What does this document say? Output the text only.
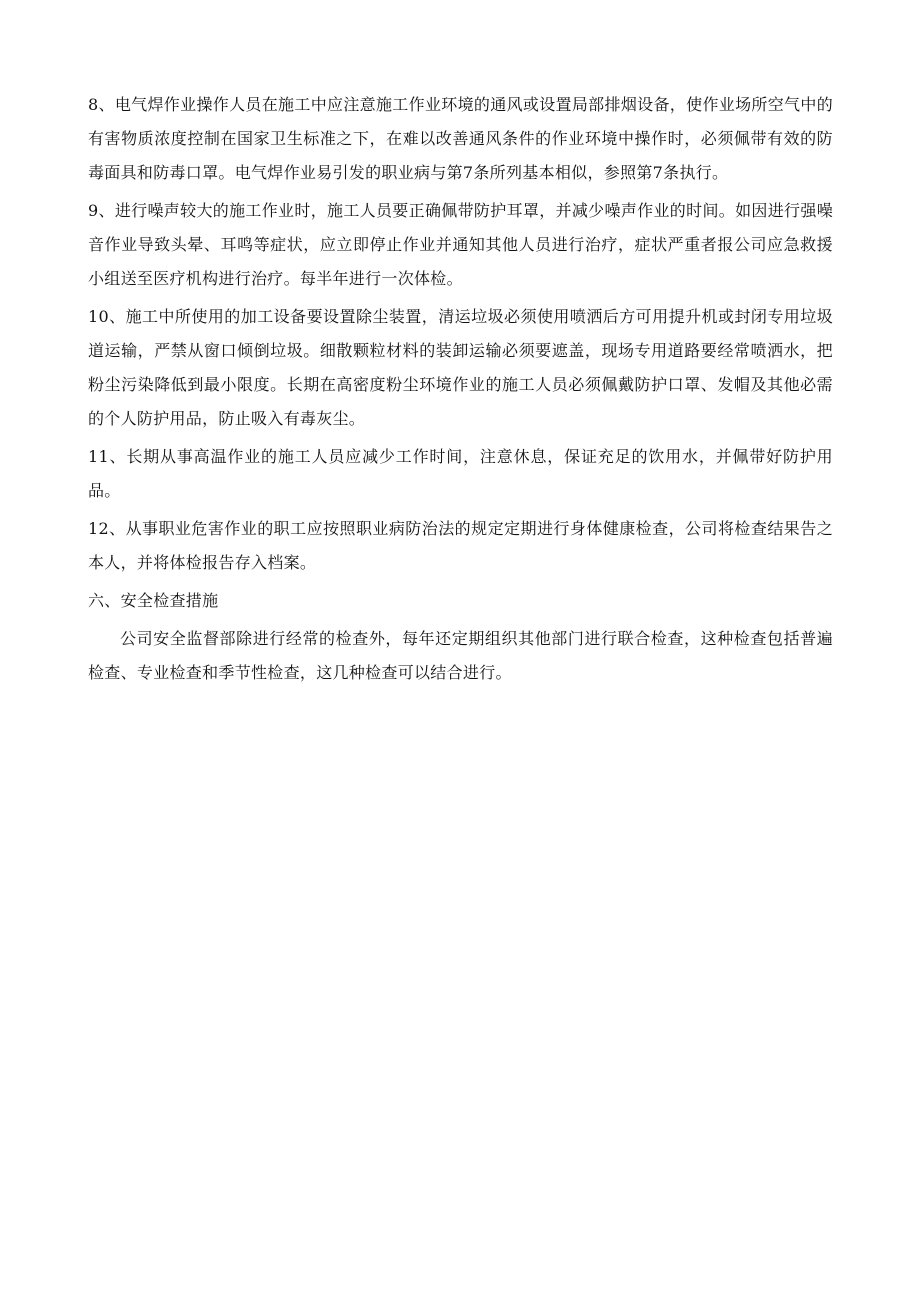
8、电气焊作业操作人员在施工中应注意施工作业环境的通风或设置局部排烟设备，使作业场所空气中的有害物质浓度控制在国家卫生标准之下，在难以改善通风条件的作业环境中操作时，必须佩带有效的防毒面具和防毒口罩。电气焊作业易引发的职业病与第7条所列基本相似，参照第7条执行。

9、进行噪声较大的施工作业时，施工人员要正确佩带防护耳罩，并减少噪声作业的时间。如因进行强噪音作业导致头晕、耳鸣等症状，应立即停止作业并通知其他人员进行治疗，症状严重者报公司应急救援小组送至医疗机构进行治疗。每半年进行一次体检。

10、施工中所使用的加工设备要设置除尘装置，清运垃圾必须使用喷洒后方可用提升机或封闭专用垃圾道运输，严禁从窗口倾倒垃圾。细散颗粒材料的装卸运输必须要遮盖，现场专用道路要经常喷洒水，把粉尘污染降低到最小限度。长期在高密度粉尘环境作业的施工人员必须佩戴防护口罩、发帽及其他必需的个人防护用品，防止吸入有毒灰尘。

11、长期从事高温作业的施工人员应减少工作时间，注意休息，保证充足的饮用水，并佩带好防护用品。

12、从事职业危害作业的职工应按照职业病防治法的规定定期进行身体健康检查，公司将检查结果告之本人，并将体检报告存入档案。

六、安全检查措施

公司安全监督部除进行经常的检查外，每年还定期组织其他部门进行联合检查，这种检查包括普遍检查、专业检查和季节性检查，这几种检查可以结合进行。
